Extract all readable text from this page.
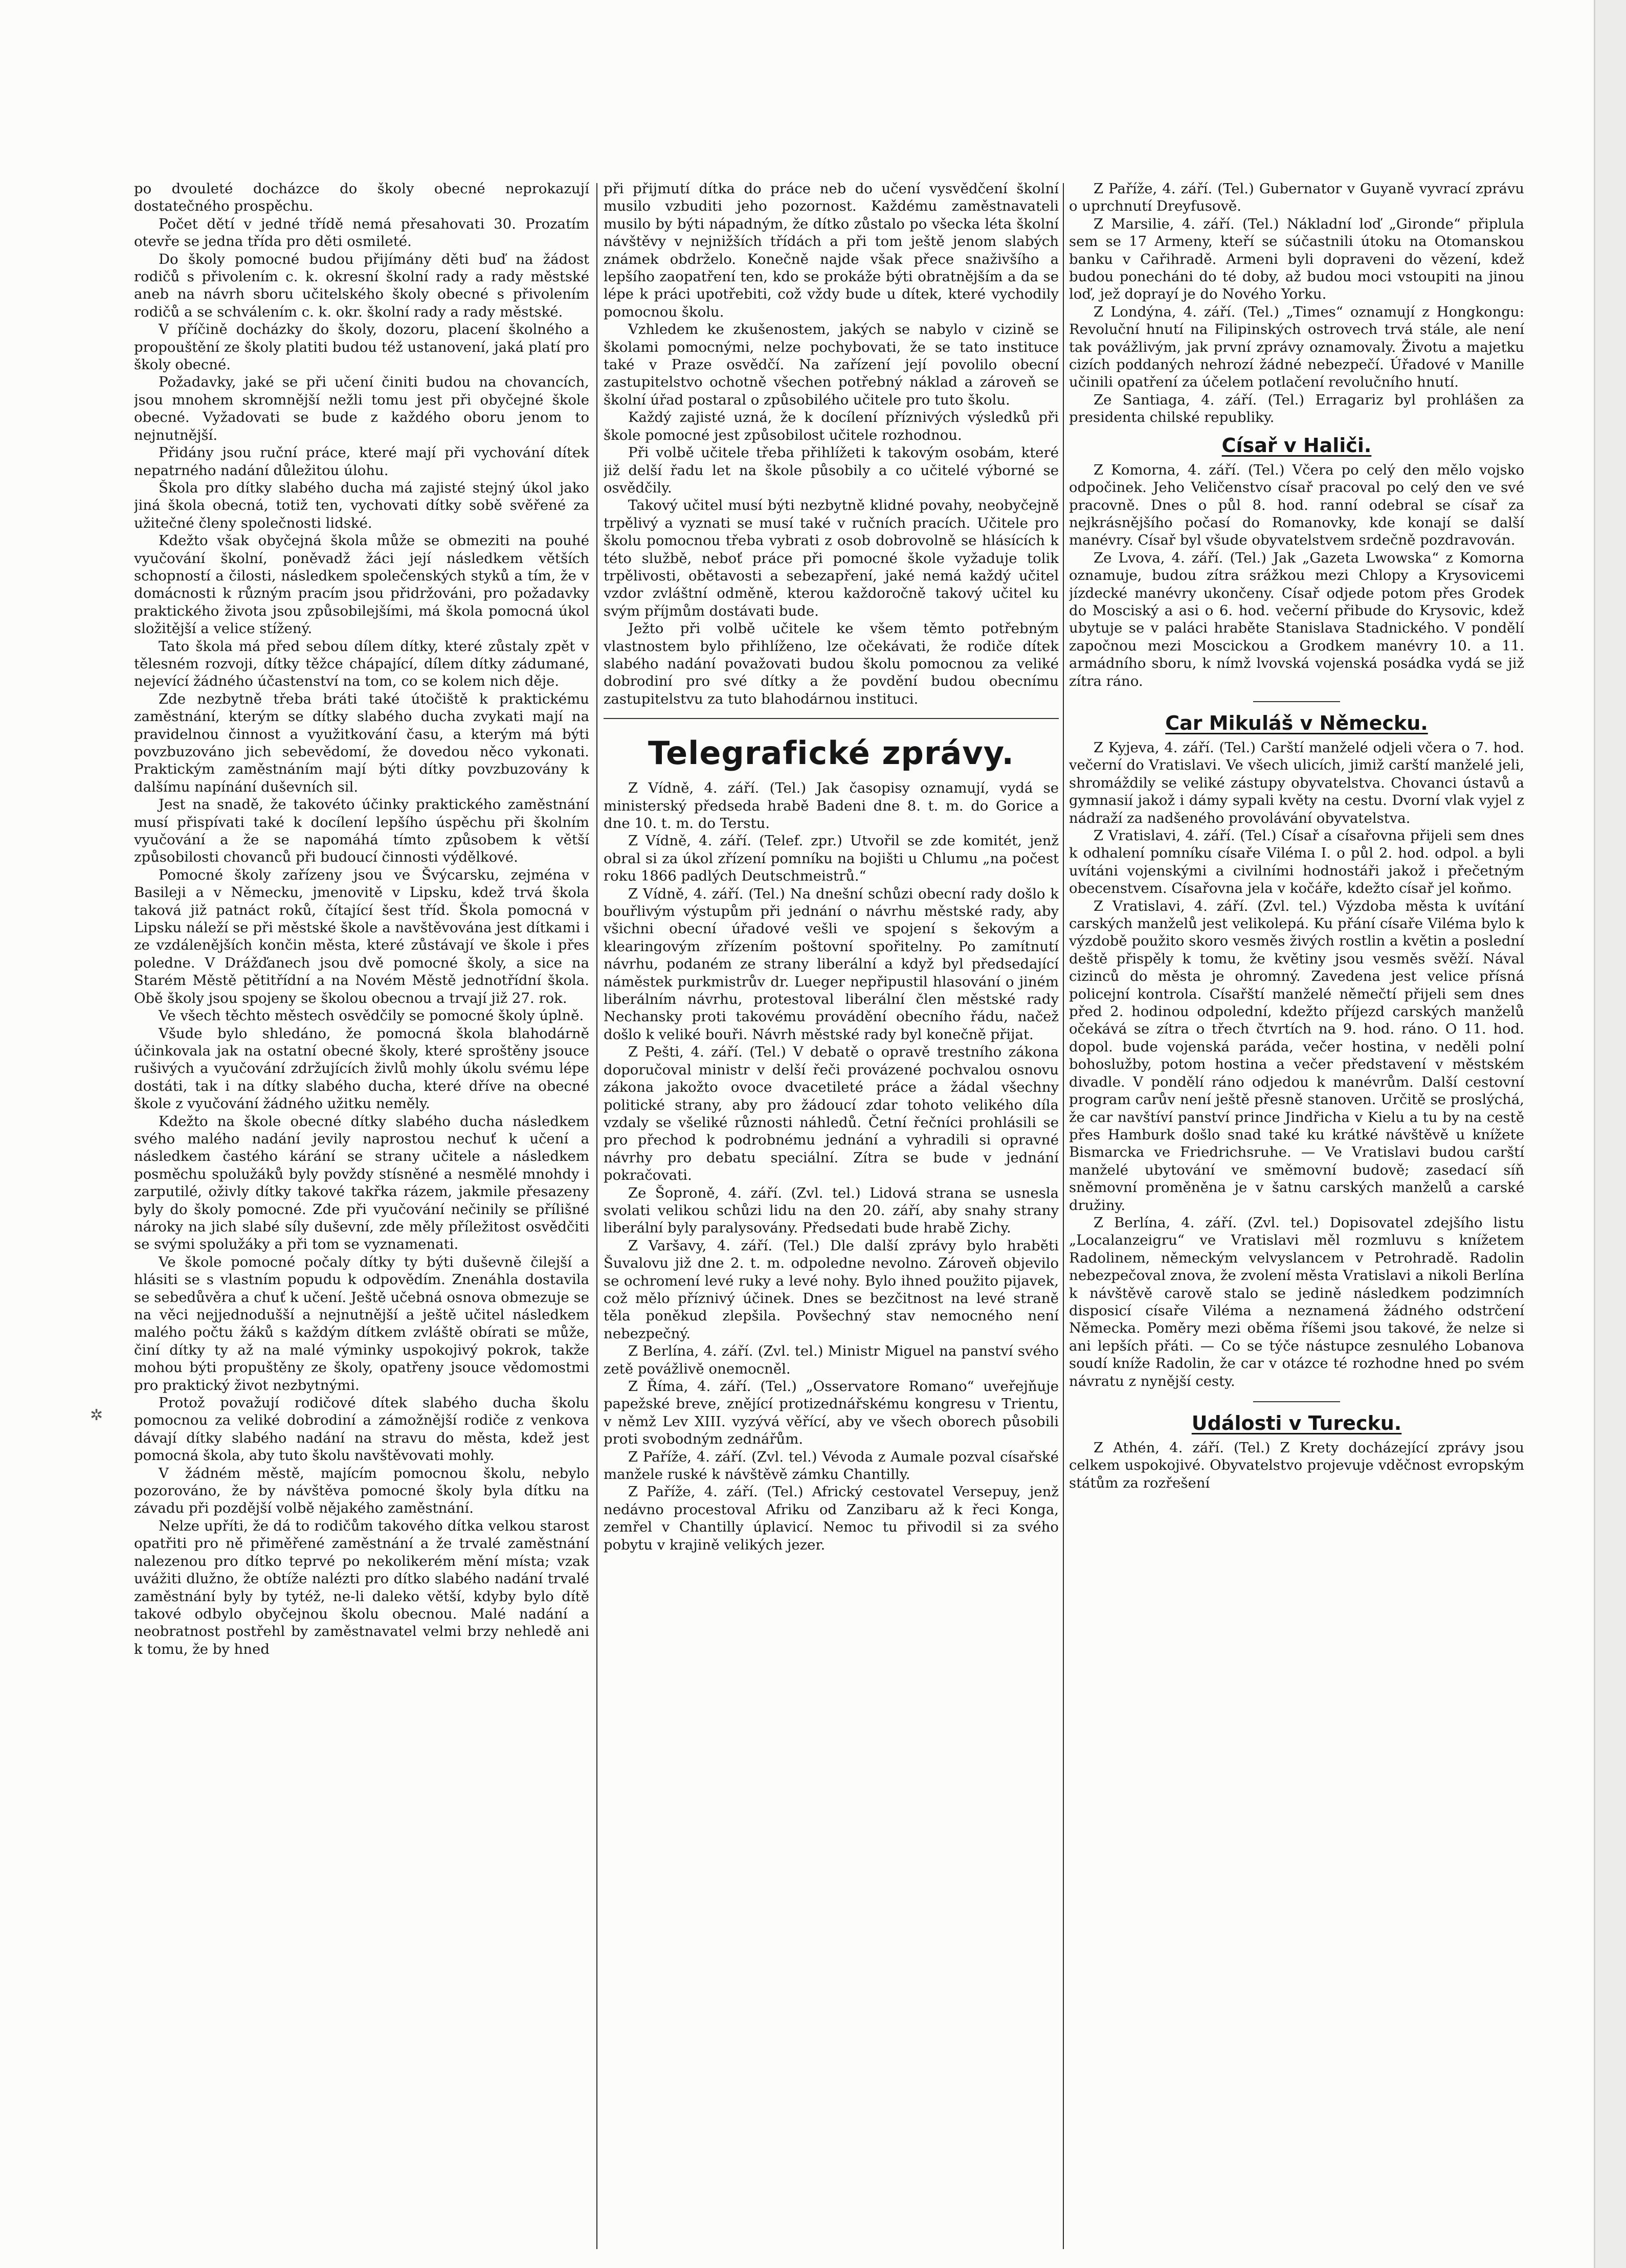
✲

po dvouleté docházce do školy obecné neprokazují dostatečného prospěchu.

Počet dětí v jedné třídě nemá přesahovati 30. Prozatím otevře se jedna třída pro děti osmileté.

Do školy pomocné budou přijímány děti buď na žádost rodičů s přivolením c. k. okresní školní rady a rady městské aneb na návrh sboru učitelského školy obecné s přivolením rodičů a se schválením c. k. okr. školní rady a rady městské.

V příčině docházky do školy, dozoru, placení školného a propouštění ze školy platiti budou též ustanovení, jaká platí pro školy obecné.

Požadavky, jaké se při učení činiti budou na chovancích, jsou mnohem skromnější nežli tomu jest při obyčejné škole obecné. Vyžadovati se bude z každého oboru jenom to nejnutnější.

Přidány jsou ruční práce, které mají při vychování dítek nepatrného nadání důležitou úlohu.

Škola pro dítky slabého ducha má zajisté stejný úkol jako jiná škola obecná, totiž ten, vychovati dítky sobě svěřené za užitečné členy společnosti lidské.

Kdežto však obyčejná škola může se obmeziti na pouhé vyučování školní, poněvadž žáci její následkem větších schopností a čilosti, následkem společenských styků a tím, že v domácnosti k různým pracím jsou přidržováni, pro požadavky praktického života jsou způsobilejšími, má škola pomocná úkol složitější a velice stížený.

Tato škola má před sebou dílem dítky, které zůstaly zpět v tělesném rozvoji, dítky těžce chápající, dílem dítky zádumané, nejevící žádného účastenství na tom, co se kolem nich děje.

Zde nezbytně třeba bráti také útočiště k praktickému zaměstnání, kterým se dítky slabého ducha zvykati mají na pravidelnou činnost a využitkování času, a kterým má býti povzbuzováno jich sebevědomí, že dovedou něco vykonati. Praktickým zaměstnáním mají býti dítky povzbuzovány k dalšímu napínání duševních sil.

Jest na snadě, že takovéto účinky praktického zaměstnání musí přispívati také k docílení lepšího úspěchu při školním vyučování a že se napomáhá tímto způsobem k větší způsobilosti chovanců při budoucí činnosti výdělkové.

Pomocné školy zařízeny jsou ve Švýcarsku, zejména v Basileji a v Německu, jmenovitě v Lipsku, kdež trvá škola taková již patnáct roků, čítající šest tříd. Škola pomocná v Lipsku náleží se při městské škole a navštěvována jest dítkami i ze vzdálenějších končin města, které zůstávají ve škole i přes poledne. V Drážďanech jsou dvě pomocné školy, a sice na Starém Městě pětitřídní a na Novém Městě jednotřídní škola. Obě školy jsou spojeny se školou obecnou a trvají již 27. rok.

Ve všech těchto městech osvědčily se pomocné školy úplně.

Všude bylo shledáno, že pomocná škola blahodárně účinkovala jak na ostatní obecné školy, které sproštěny jsouce rušivých a vyučování zdržujících živlů mohly úkolu svému lépe dostáti, tak i na dítky slabého ducha, které dříve na obecné škole z vyučování žádného užitku neměly.

Kdežto na škole obecné dítky slabého ducha následkem svého malého nadání jevily naprostou nechuť k učení a následkem častého kárání se strany učitele a následkem posměchu spolužáků byly povždy stísněné a nesmělé mnohdy i zarputilé, oživly dítky takové takřka rázem, jakmile přesazeny byly do školy pomocné. Zde při vyučování nečinily se přílišné nároky na jich slabé síly duševní, zde měly příležitost osvědčiti se svými spolužáky a při tom se vyznamenati.

Ve škole pomocné počaly dítky ty býti duševně čilejší a hlásiti se s vlastním popudu k odpovědím. Znenáhla dostavila se sebedůvěra a chuť k učení. Ještě učebná osnova obmezuje se na věci nejjednodušší a nejnutnější a ještě učitel následkem malého počtu žáků s každým dítkem zvláště obírati se může, činí dítky ty až na malé výminky uspokojivý pokrok, takže mohou býti propuštěny ze školy, opatřeny jsouce vědomostmi pro praktický život nezbytnými.

Protož považují rodičové dítek slabého ducha školu pomocnou za veliké dobrodiní a zámožnější rodiče z venkova dávají dítky slabého nadání na stravu do města, kdež jest pomocná škola, aby tuto školu navštěvovati mohly.

V žádném městě, majícím pomocnou školu, nebylo pozorováno, že by návštěva pomocné školy byla dítku na závadu při pozdější volbě nějakého zaměstnání.

Nelze upříti, že dá to rodičům takového dítka velkou starost opatřiti pro ně přiměřené zaměstnání a že trvalé zaměstnání nalezenou pro dítko teprvé po nekolikerém mění místa; vzak uvážiti dlužno, že obtíže nalézti pro dítko slabého nadání trvalé zaměstnání byly by tytéž, ne-li daleko větší, kdyby bylo dítě takové odbylo obyčejnou školu obecnou. Malé nadání a neobratnost postřehl by zaměstnavatel velmi brzy nehledě ani k tomu, že by hned

při přijmutí dítka do práce neb do učení vysvědčení školní musilo vzbuditi jeho pozornost. Každému zaměstnavateli musilo by býti nápadným, že dítko zůstalo po všecka léta školní návštěvy v nejnižších třídách a při tom ještě jenom slabých známek obdrželo. Konečně najde však přece snaživšího a lepšího zaopatření ten, kdo se prokáže býti obratnějším a da se lépe k práci upotřebiti, což vždy bude u dítek, které vychodily pomocnou školu.

Vzhledem ke zkušenostem, jakých se nabylo v cizině se školami pomocnými, nelze pochybovati, že se tato instituce také v Praze osvědčí. Na zařízení její povolilo obecní zastupitelstvo ochotně všechen potřebný náklad a zároveň se školní úřad postaral o způsobilého učitele pro tuto školu.

Každý zajisté uzná, že k docílení příznivých výsledků při škole pomocné jest způsobilost učitele rozhodnou.

Při volbě učitele třeba přihlížeti k takovým osobám, které již delší řadu let na škole působily a co učitelé výborné se osvědčily.

Takový učitel musí býti nezbytně klidné povahy, neobyčejně trpělivý a vyznati se musí také v ručních pracích. Učitele pro školu pomocnou třeba vybrati z osob dobrovolně se hlásících k této službě, neboť práce při pomocné škole vyžaduje tolik trpělivosti, obětavosti a sebezapření, jaké nemá každý učitel vzdor zvláštní odměně, kterou každoročně takový učitel ku svým příjmům dostávati bude.

Ježto při volbě učitele ke všem těmto potřebným vlastnostem bylo přihlíženo, lze očekávati, že rodiče dítek slabého nadání považovati budou školu pomocnou za veliké dobrodiní pro své dítky a že povdění budou obecnímu zastupitelstvu za tuto blahodárnou instituci.

Telegrafické zprávy.

Z Vídně, 4. září. (Tel.) Jak časopisy oznamují, vydá se ministerský předseda hrabě Badeni dne 8. t. m. do Gorice a dne 10. t. m. do Terstu.

Z Vídně, 4. září. (Telef. zpr.) Utvořil se zde komitét, jenž obral si za úkol zřízení pomníku na bojišti u Chlumu „na počest roku 1866 padlých Deutschmeistrů.“

Z Vídně, 4. září. (Tel.) Na dnešní schůzi obecní rady došlo k bouřlivým výstupům při jednání o návrhu městské rady, aby všichni obecní úřadové vešli ve spojení s šekovým a klearingovým zřízením poštovní spořitelny. Po zamítnutí návrhu, podaném ze strany liberální a když byl předsedající náměstek purkmistrův dr. Lueger nepřipustil hlasování o jiném liberálním návrhu, protestoval liberální člen městské rady Nechansky proti takovému provádění obecního řádu, načež došlo k veliké bouři. Návrh městské rady byl konečně přijat.

Z Pešti, 4. září. (Tel.) V debatě o opravě trestního zákona doporučoval ministr v delší řeči provázené pochvalou osnovu zákona jakožto ovoce dvacetileté práce a žádal všechny politické strany, aby pro žádoucí zdar tohoto velikého díla vzdaly se všeliké různosti náhledů. Četní řečníci prohlásili se pro přechod k podrobnému jednání a vyhradili si opravné návrhy pro debatu speciální. Zítra se bude v jednání pokračovati.

Ze Šoproně, 4. září. (Zvl. tel.) Lidová strana se usnesla svolati velikou schůzi lidu na den 20. září, aby snahy strany liberální byly paralysovány. Předsedati bude hrabě Zichy.

Z Varšavy, 4. září. (Tel.) Dle další zprávy bylo hraběti Šuvalovu již dne 2. t. m. odpoledne nevolno. Zároveň objevilo se ochromení levé ruky a levé nohy. Bylo ihned použito pijavek, což mělo příznivý účinek. Dnes se bezčitnost na levé straně těla poněkud zlepšila. Povšechný stav nemocného není nebezpečný.

Z Berlína, 4. září. (Zvl. tel.) Ministr Miguel na panství svého zetě povážlivě onemocněl.

Z Říma, 4. září. (Tel.) „Osservatore Romano“ uveřejňuje papežské breve, znějící protizednářskému kongresu v Trientu, v němž Lev XIII. vyzývá věřící, aby ve všech oborech působili proti svobodným zednářům.

Z Paříže, 4. září. (Zvl. tel.) Vévoda z Aumale pozval císařské manžele ruské k návštěvě zámku Chantilly.

Z Paříže, 4. září. (Tel.) Africký cestovatel Versepuy, jenž nedávno procestoval Afriku od Zanzibaru až k řeci Konga, zemřel v Chantilly úplavicí. Nemoc tu přivodil si za svého pobytu v krajině velikých jezer.

Z Paříže, 4. září. (Tel.) Gubernator v Guyaně vyvrací zprávu o uprchnutí Dreyfusově.

Z Marsilie, 4. září. (Tel.) Nákladní loď „Gironde“ připlula sem se 17 Armeny, kteří se súčastnili útoku na Otomanskou banku v Cařihradě. Armeni byli dopraveni do vězení, kdež budou ponecháni do té doby, až budou moci vstoupiti na jinou loď, jež doprayí je do Nového Yorku.

Z Londýna, 4. září. (Tel.) „Times“ oznamují z Hongkongu: Revoluční hnutí na Filipinských ostrovech trvá stále, ale není tak povážlivým, jak první zprávy oznamovaly. Životu a majetku cizích poddaných nehrozí žádné nebezpečí. Úřadové v Manille učinili opatření za účelem potlačení revolučního hnutí.

Ze Santiaga, 4. září. (Tel.) Erragariz byl prohlášen za presidenta chilské republiky.

Císař v Haliči.

Z Komorna, 4. září. (Tel.) Včera po celý den mělo vojsko odpočinek. Jeho Veličenstvo císař pracoval po celý den ve své pracovně. Dnes o půl 8. hod. ranní odebral se císař za nejkrásnějšího počasí do Romanovky, kde konají se další manévry. Císař byl všude obyvatelstvem srdečně pozdravován.

Ze Lvova, 4. září. (Tel.) Jak „Gazeta Lwowska“ z Komorna oznamuje, budou zítra srážkou mezi Chlopy a Krysovicemi jízdecké manévry ukončeny. Císař odjede potom přes Grodek do Mosciský a asi o 6. hod. večerní přibude do Krysovic, kdež ubytuje se v paláci hraběte Stanislava Stadnického. V pondělí započnou mezi Moscickou a Grodkem manévry 10. a 11. armádního sboru, k nímž lvovská vojenská posádka vydá se již zítra ráno.

Car Mikuláš v Německu.

Z Kyjeva, 4. září. (Tel.) Carští manželé odjeli včera o 7. hod. večerní do Vratislavi. Ve všech ulicích, jimiž carští manželé jeli, shromáždily se veliké zástupy obyvatelstva. Chovanci ústavů a gymnasií jakož i dámy sypali květy na cestu. Dvorní vlak vyjel z nádraží za nadšeného provolávání obyvatelstva.

Z Vratislavi, 4. září. (Tel.) Císař a císařovna přijeli sem dnes k odhalení pomníku císaře Viléma I. o půl 2. hod. odpol. a byli uvítáni vojenskými a civilními hodnostáři jakož i přečetným obecenstvem. Císařovna jela v kočáře, kdežto císař jel koňmo.

Z Vratislavi, 4. září. (Zvl. tel.) Výzdoba města k uvítání carských manželů jest velikolepá. Ku přání císaře Viléma bylo k výzdobě použito skoro vesměs živých rostlin a květin a poslední deště přispěly k tomu, že květiny jsou vesměs svěží. Nával cizinců do města je ohromný. Zavedena jest velice přísná policejní kontrola. Císařští manželé němečtí přijeli sem dnes před 2. hodinou odpolední, kdežto příjezd carských manželů očekává se zítra o třech čtvrtích na 9. hod. ráno. O 11. hod. dopol. bude vojenská paráda, večer hostina, v neděli polní bohoslužby, potom hostina a večer představení v městském divadle. V pondělí ráno odjedou k manévrům. Další cestovní program carův není ještě přesně stanoven. Určitě se proslýchá, že car navštíví panství prince Jindřicha v Kielu a tu by na cestě přes Hamburk došlo snad také ku krátké návštěvě u knížete Bismarcka ve Friedrichsruhe. — Ve Vratislavi budou carští manželé ubytování ve směmovní budově; zasedací síň sněmovní proměněna je v šatnu carských manželů a carské družiny.

Z Berlína, 4. září. (Zvl. tel.) Dopisovatel zdejšího listu „Localanzeigru“ ve Vratislavi měl rozmluvu s knížetem Radolinem, německým velvyslancem v Petrohradě. Radolin nebezpečoval znova, že zvolení města Vratislavi a nikoli Berlína k návštěvě carově stalo se jedině následkem podzimních disposicí císaře Viléma a neznamená žádného odstrčení Německa. Poměry mezi oběma říšemi jsou takové, že nelze si ani lepších přáti. — Co se týče nástupce zesnulého Lobanova soudí kníže Radolin, že car v otázce té rozhodne hned po svém návratu z nynější cesty.

Události v Turecku.

Z Athén, 4. září. (Tel.) Z Krety docházející zprávy jsou celkem uspokojivé. Obyvatelstvo projevuje vděčnost evropským státům za rozřešení
